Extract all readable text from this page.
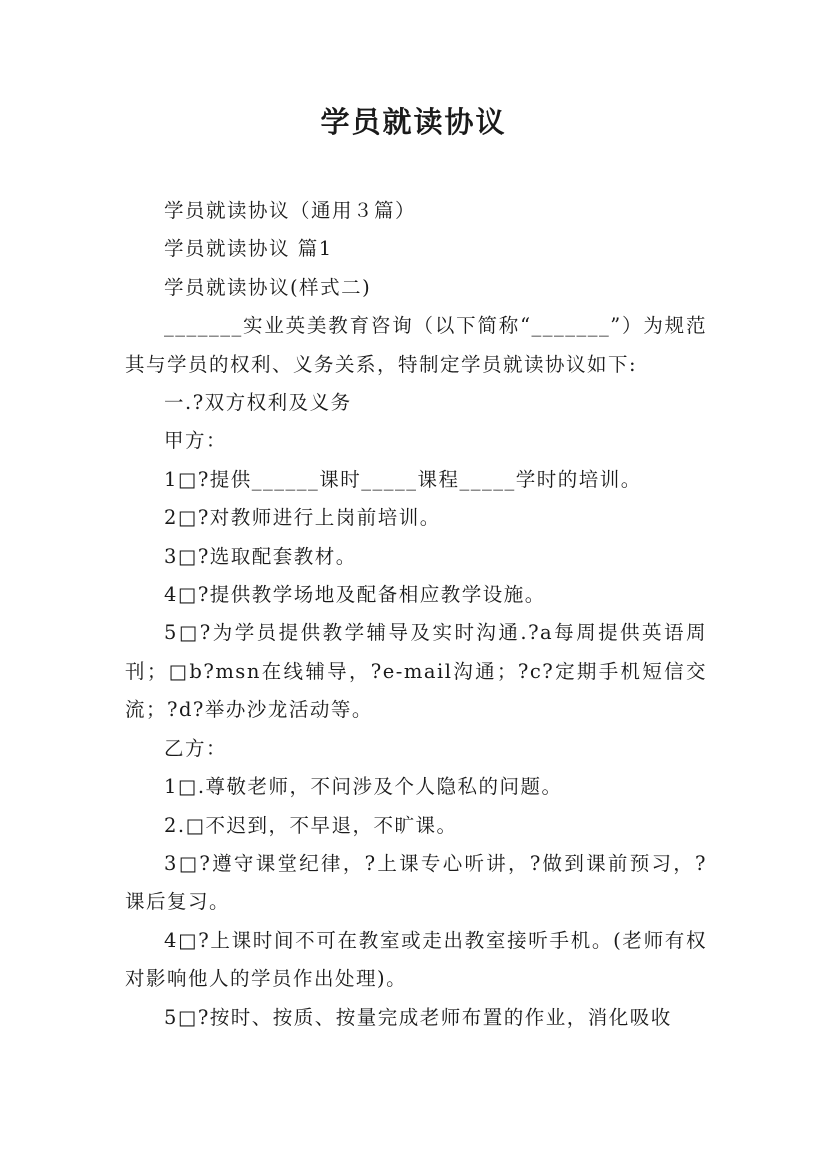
学员就读协议

学员就读协议（通用３篇）

学员就读协议 篇1

学员就读协议(样式二)

_______实业英美教育咨询（以下简称“_______”）为规范其与学员的权利、义务关系，特制定学员就读协议如下:

一.?双方权利及义务

甲方：

1□?提供______课时_____课程_____学时的培训。

2□?对教师进行上岗前培训。

3□?选取配套教材。

4□?提供教学场地及配备相应教学设施。

5□?为学员提供教学辅导及实时沟通.?a每周提供英语周刊；□b?msn在线辅导，?e-mail沟通；?c?定期手机短信交流；?d?举办沙龙活动等。

乙方：

1□.尊敬老师，不问涉及个人隐私的问题。

2.□不迟到，不早退，不旷课。

3□?遵守课堂纪律，?上课专心听讲，?做到课前预习，?课后复习。

4□?上课时间不可在教室或走出教室接听手机。(老师有权对影响他人的学员作出处理)。

5□?按时、按质、按量完成老师布置的作业，消化吸收
